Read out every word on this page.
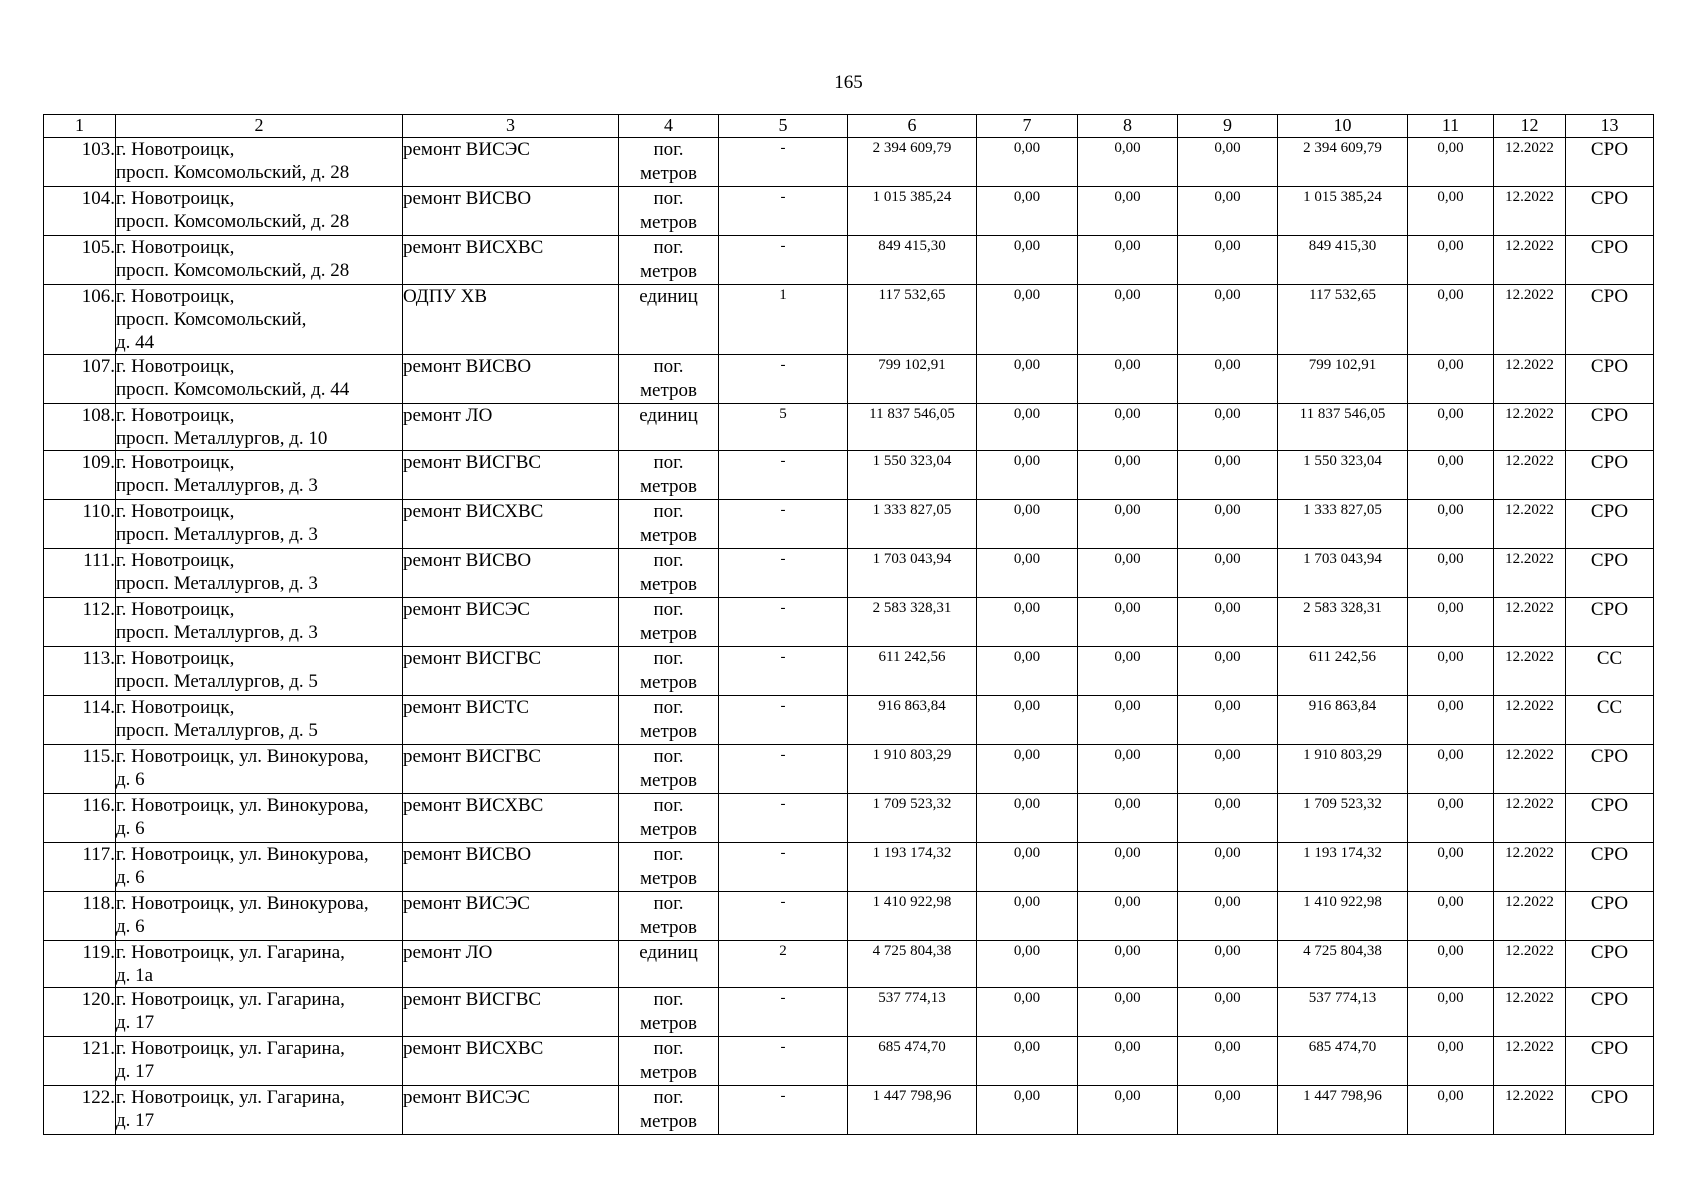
165
1	2	3	4	5	6	7	8	9	10	11	12	13
103.	г. Новотроицк,
просп. Комсомольский, д. 28	ремонт ВИСЭС	пог.
метров	-	2 394 609,79	0,00	0,00	0,00	2 394 609,79	0,00	12.2022	СРО
104.	г. Новотроицк,
просп. Комсомольский, д. 28	ремонт ВИСВО	пог.
метров	-	1 015 385,24	0,00	0,00	0,00	1 015 385,24	0,00	12.2022	СРО
105.	г. Новотроицк,
просп. Комсомольский, д. 28	ремонт ВИСХВС	пог.
метров	-	849 415,30	0,00	0,00	0,00	849 415,30	0,00	12.2022	СРО
106.	г. Новотроицк,
просп. Комсомольский,
д. 44	ОДПУ ХВ	единиц	1	117 532,65	0,00	0,00	0,00	117 532,65	0,00	12.2022	СРО
107.	г. Новотроицк,
просп. Комсомольский, д. 44	ремонт ВИСВО	пог.
метров	-	799 102,91	0,00	0,00	0,00	799 102,91	0,00	12.2022	СРО
108.	г. Новотроицк,
просп. Металлургов, д. 10	ремонт ЛО	единиц	5	11 837 546,05	0,00	0,00	0,00	11 837 546,05	0,00	12.2022	СРО
109.	г. Новотроицк,
просп. Металлургов, д. 3	ремонт ВИСГВС	пог.
метров	-	1 550 323,04	0,00	0,00	0,00	1 550 323,04	0,00	12.2022	СРО
110.	г. Новотроицк,
просп. Металлургов, д. 3	ремонт ВИСХВС	пог.
метров	-	1 333 827,05	0,00	0,00	0,00	1 333 827,05	0,00	12.2022	СРО
111.	г. Новотроицк,
просп. Металлургов, д. 3	ремонт ВИСВО	пог.
метров	-	1 703 043,94	0,00	0,00	0,00	1 703 043,94	0,00	12.2022	СРО
112.	г. Новотроицк,
просп. Металлургов, д. 3	ремонт ВИСЭС	пог.
метров	-	2 583 328,31	0,00	0,00	0,00	2 583 328,31	0,00	12.2022	СРО
113.	г. Новотроицк,
просп. Металлургов, д. 5	ремонт ВИСГВС	пог.
метров	-	611 242,56	0,00	0,00	0,00	611 242,56	0,00	12.2022	СС
114.	г. Новотроицк,
просп. Металлургов, д. 5	ремонт ВИСТС	пог.
метров	-	916 863,84	0,00	0,00	0,00	916 863,84	0,00	12.2022	СС
115.	г. Новотроицк, ул. Винокурова,
д. 6	ремонт ВИСГВС	пог.
метров	-	1 910 803,29	0,00	0,00	0,00	1 910 803,29	0,00	12.2022	СРО
116.	г. Новотроицк, ул. Винокурова,
д. 6	ремонт ВИСХВС	пог.
метров	-	1 709 523,32	0,00	0,00	0,00	1 709 523,32	0,00	12.2022	СРО
117.	г. Новотроицк, ул. Винокурова,
д. 6	ремонт ВИСВО	пог.
метров	-	1 193 174,32	0,00	0,00	0,00	1 193 174,32	0,00	12.2022	СРО
118.	г. Новотроицк, ул. Винокурова,
д. 6	ремонт ВИСЭС	пог.
метров	-	1 410 922,98	0,00	0,00	0,00	1 410 922,98	0,00	12.2022	СРО
119.	г. Новотроицк, ул. Гагарина,
д. 1а	ремонт ЛО	единиц	2	4 725 804,38	0,00	0,00	0,00	4 725 804,38	0,00	12.2022	СРО
120.	г. Новотроицк, ул. Гагарина,
д. 17	ремонт ВИСГВС	пог.
метров	-	537 774,13	0,00	0,00	0,00	537 774,13	0,00	12.2022	СРО
121.	г. Новотроицк, ул. Гагарина,
д. 17	ремонт ВИСХВС	пог.
метров	-	685 474,70	0,00	0,00	0,00	685 474,70	0,00	12.2022	СРО
122.	г. Новотроицк, ул. Гагарина,
д. 17	ремонт ВИСЭС	пог.
метров	-	1 447 798,96	0,00	0,00	0,00	1 447 798,96	0,00	12.2022	СРО
